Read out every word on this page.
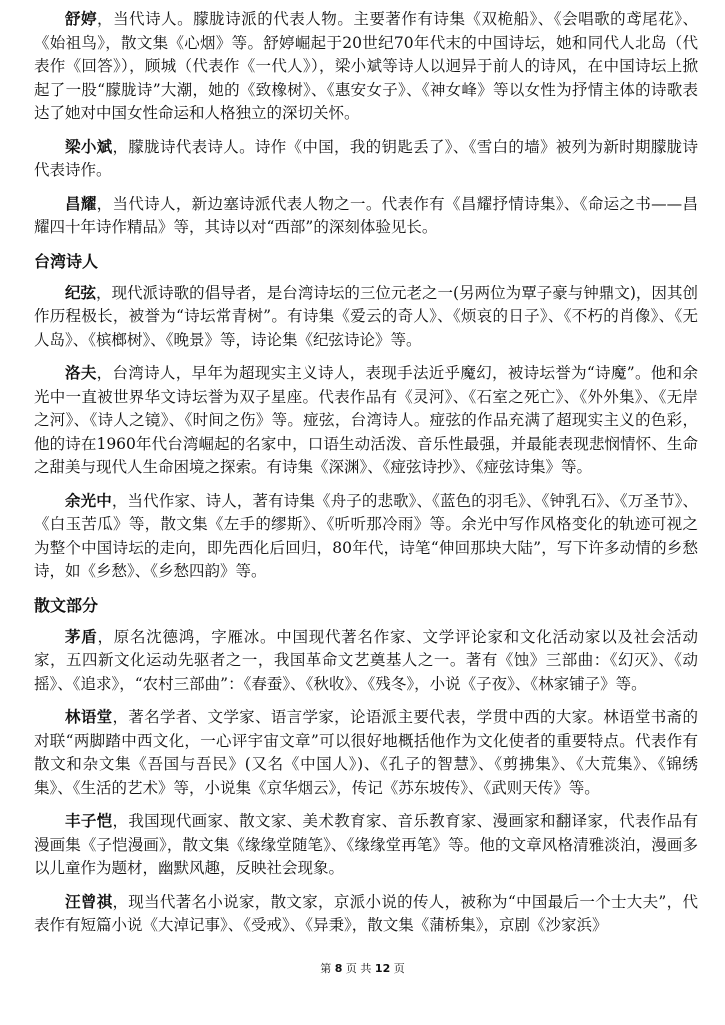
舒婷，当代诗人。朦胧诗派的代表人物。主要著作有诗集《双桅船》、《会唱歌的鸢尾花》、《始祖鸟》，散文集《心烟》等。舒婷崛起于20世纪70年代末的中国诗坛，她和同代人北岛（代表作《回答》），顾城（代表作《一代人》），梁小斌等诗人以迥异于前人的诗风，在中国诗坛上掀起了一股“朦胧诗”大潮，她的《致橡树》、《惠安女子》、《神女峰》等以女性为抒情主体的诗歌表达了她对中国女性命运和人格独立的深切关怀。

梁小斌，朦胧诗代表诗人。诗作《中国，我的钥匙丢了》、《雪白的墙》被列为新时期朦胧诗代表诗作。

昌耀，当代诗人，新边塞诗派代表人物之一。代表作有《昌耀抒情诗集》、《命运之书——昌耀四十年诗作精品》等，其诗以对“西部”的深刻体验见长。

台湾诗人

纪弦，现代派诗歌的倡导者，是台湾诗坛的三位元老之一(另两位为覃子豪与钟鼎文)，因其创作历程极长，被誉为“诗坛常青树”。有诗集《爱云的奇人》、《烦哀的日子》、《不朽的肖像》、《无人岛》、《槟榔树》、《晚景》等，诗论集《纪弦诗论》等。

洛夫，台湾诗人，早年为超现实主义诗人，表现手法近乎魔幻，被诗坛誉为“诗魔”。他和余光中一直被世界华文诗坛誉为双子星座。代表作品有《灵河》、《石室之死亡》、《外外集》、《无岸之河》、《诗人之镜》、《时间之伤》等。痖弦，台湾诗人。痖弦的作品充满了超现实主义的色彩，他的诗在1960年代台湾崛起的名家中，口语生动活泼、音乐性最强，并最能表现悲悯情怀、生命之甜美与现代人生命困境之探索。有诗集《深渊》、《痖弦诗抄》、《痖弦诗集》等。

余光中，当代作家、诗人，著有诗集《舟子的悲歌》、《蓝色的羽毛》、《钟乳石》、《万圣节》、《白玉苦瓜》等，散文集《左手的缪斯》、《听听那冷雨》等。余光中写作风格变化的轨迹可视之为整个中国诗坛的走向，即先西化后回归，80年代，诗笔“伸回那块大陆”，写下许多动情的乡愁诗，如《乡愁》、《乡愁四韵》等。

散文部分

茅盾，原名沈德鸿，字雁冰。中国现代著名作家、文学评论家和文化活动家以及社会活动家，五四新文化运动先驱者之一，我国革命文艺奠基人之一。著有《蚀》三部曲：《幻灭》、《动摇》、《追求》，“农村三部曲”：《春蚕》、《秋收》、《残冬》，小说《子夜》、《林家铺子》等。

林语堂，著名学者、文学家、语言学家，论语派主要代表，学贯中西的大家。林语堂书斋的对联“两脚踏中西文化，一心评宇宙文章”可以很好地概括他作为文化使者的重要特点。代表作有散文和杂文集《吾国与吾民》(又名《中国人》)、《孔子的智慧》、《剪拂集》、《大荒集》、《锦绣集》、《生活的艺术》等，小说集《京华烟云》，传记《苏东坡传》、《武则天传》等。

丰子恺，我国现代画家、散文家、美术教育家、音乐教育家、漫画家和翻译家，代表作品有漫画集《子恺漫画》，散文集《缘缘堂随笔》、《缘缘堂再笔》等。他的文章风格清雅淡泊，漫画多以儿童作为题材，幽默风趣，反映社会现象。

汪曾祺，现当代著名小说家，散文家，京派小说的传人，被称为“中国最后一个士大夫”，代表作有短篇小说《大淖记事》、《受戒》、《异秉》，散文集《蒲桥集》，京剧《沙家浜》

第 8 页 共 12 页
